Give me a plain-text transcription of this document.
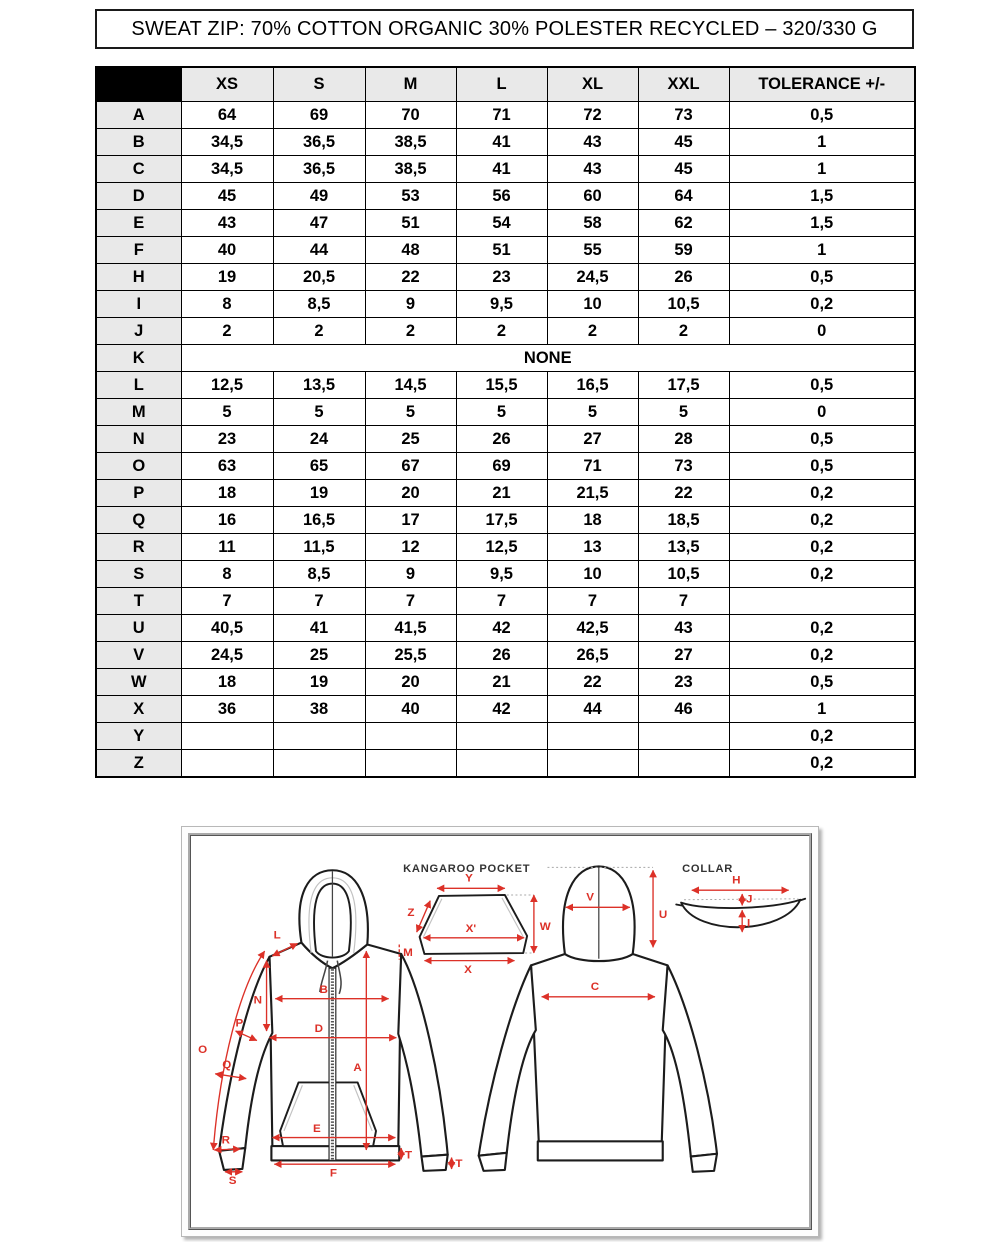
SWEAT ZIP: 70% COTTON ORGANIC 30% POLESTER RECYCLED – 320/330 G
	XS	S	M	L	XL	XXL	TOLERANCE +/-
A	64	69	70	71	72	73	0,5
B	34,5	36,5	38,5	41	43	45	1
C	34,5	36,5	38,5	41	43	45	1
D	45	49	53	56	60	64	1,5
E	43	47	51	54	58	62	1,5
F	40	44	48	51	55	59	1
H	19	20,5	22	23	24,5	26	0,5
I	8	8,5	9	9,5	10	10,5	0,2
J	2	2	2	2	2	2	0
K	NONE						
L	12,5	13,5	14,5	15,5	16,5	17,5	0,5
M	5	5	5	5	5	5	0
N	23	24	25	26	27	28	0,5
O	63	65	67	69	71	73	0,5
P	18	19	20	21	21,5	22	0,2
Q	16	16,5	17	17,5	18	18,5	0,2
R	11	11,5	12	12,5	13	13,5	0,2
S	8	8,5	9	9,5	10	10,5	0,2
T	7	7	7	7	7	7	
U	40,5	41	41,5	42	42,5	43	0,2
V	24,5	25	25,5	26	26,5	27	0,2
W	18	19	20	21	22	23	0,5
X	36	38	40	42	44	46	1
Y							0,2
Z							0,2
L
M
N
B
D
P
O
Q	A
E
F
T
R
S
T
KANGAROO POCKET
Y
Z
X'	W
X
V
U
C
COLLAR
H
J
I
